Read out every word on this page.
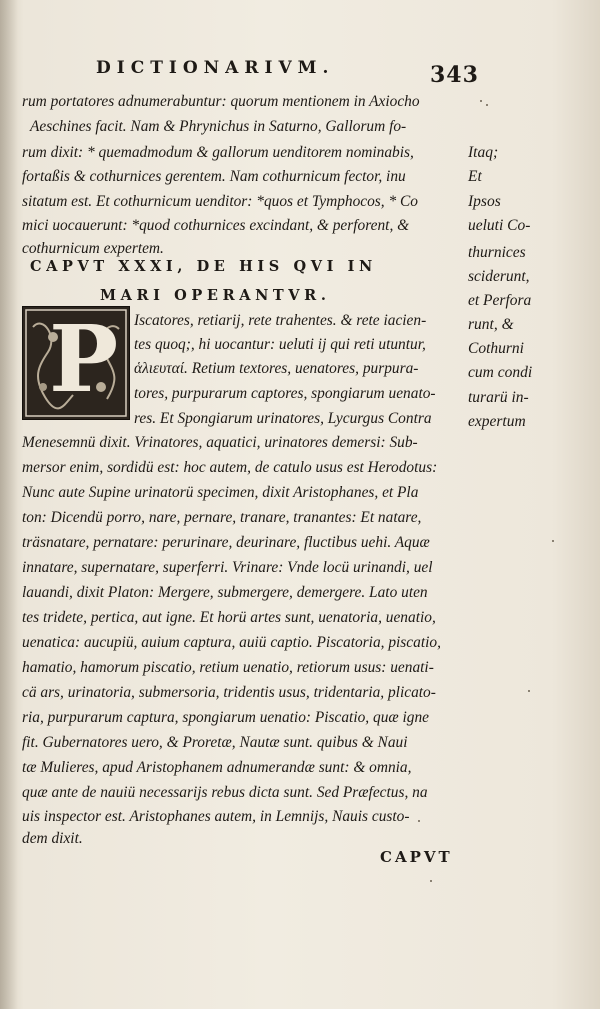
DICTIONARIVM.	343
rum portatores adnumerabuntur: quorum mentionem in Axiocho
Aeschines facit. Nam & Phrynichus in Saturno, Gallorum fo-
rum dixit: * quemadmodum & gallorum uenditorem nominabis,
fortaßis & cothurnices gerentem. Nam cothurnicum fector, inu
sitatum est. Et cothurnicum uenditor: *quos et Tymphocos, * Co
mici uocauerunt: *quod cothurnices excindant, & perforent, &
cothurnicum expertem.
CAPVT XXXI, DE HIS QVI IN
MARI OPERANTVR.
P Iscatores, retiarij, rete trahentes. & rete iacien-
tes quoq;, hi uocantur: ueluti ij qui reti utuntur,
ἁλιευταί. Retium textores, uenatores, purpura-
tores, purpurarum captores, spongiarum uenato-
res. Et Spongiarum urinatores, Lycurgus Contra
Menesemnü dixit. Vrinatores, aquatici, urinatores demersi: Sub-
mersor enim, sordidü est: hoc autem, de catulo usus est Herodotus:
Nunc aute Supine urinatorü specimen, dixit Aristophanes, et Pla
ton: Dicendü porro, nare, pernare, tranare, tranantes: Et natare,
träsnatare, pernatare: perurinare, deurinare, fluctibus uehi. Aquæ
innatare, supernatare, superferri. Vrinare: Vnde locü urinandi, uel
lauandi, dixit Platon: Mergere, submergere, demergere. Lato uten
tes tridete, pertica, aut igne. Et horü artes sunt, uenatoria, uenatio,
uenatica: aucupiü, auium captura, auiü captio. Piscatoria, piscatio,
hamatio, hamorum piscatio, retium uenatio, retiorum usus: uenati-
cä ars, urinatoria, submersoria, tridentis usus, tridentaria, plicato-
ria, purpurarum captura, spongiarum uenatio: Piscatio, quæ igne
fit. Gubernatores uero, & Proretæ, Nautæ sunt. quibus & Naui
tæ Mulieres, apud Aristophanem adnumerandæ sunt: & omnia,
quæ ante de nauiü necessarijs rebus dicta sunt. Sed Præfectus, na
uis inspector est. Aristophanes autem, in Lemnijs, Nauis custo-
dem dixit.
Itaq;
Et
Ipsos
ueluti Co-
thurnices
sciderunt,
et Perfora
runt, &
Cothurni
cum condi
turarü in-
expertum
CAPVT
